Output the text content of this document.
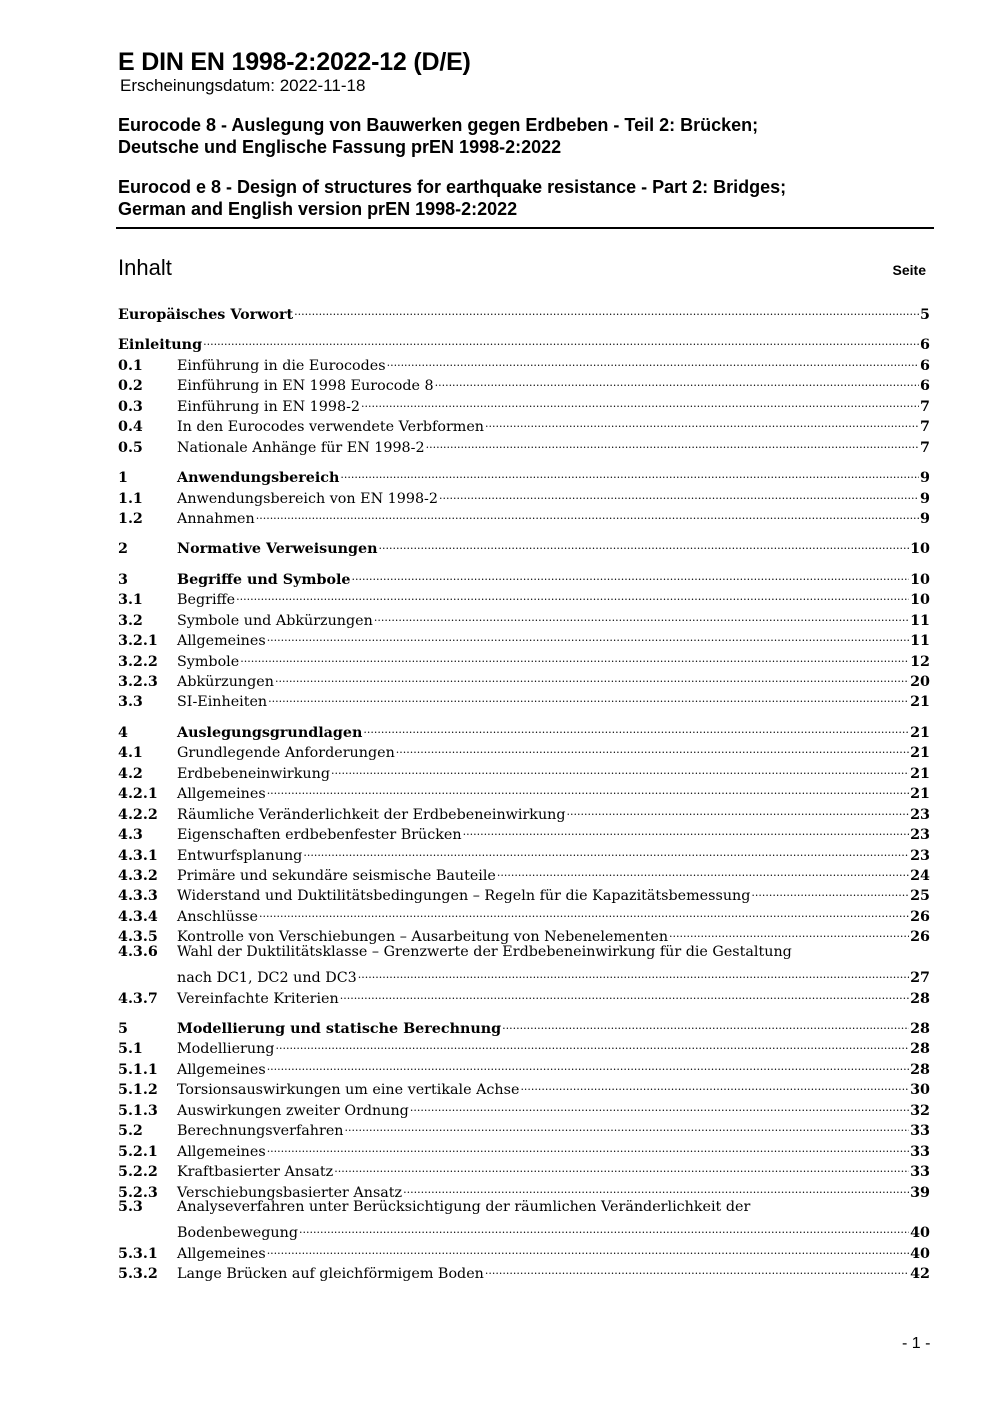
E DIN EN 1998-2:2022-12 (D/E)
Erscheinungsdatum: 2022-11-18
Eurocode 8 - Auslegung von Bauwerken gegen Erdbeben - Teil 2: Brücken;
Deutsche und Englische Fassung prEN 1998-2:2022
Eurocod e 8 - Design of structures for earthquake resistance - Part 2: Bridges;
German and English version prEN 1998-2:2022
Inhalt	Seite
Europäisches Vorwort .....	5
Einleitung .....	6
0.1	Einführung in die Eurocodes .....	6
0.2	Einführung in EN 1998 Eurocode 8 .....	6
0.3	Einführung in EN 1998-2 .....	7
0.4	In den Eurocodes verwendete Verbformen .....	7
0.5	Nationale Anhänge für EN 1998-2 .....	7
1	Anwendungsbereich .....	9
1.1	Anwendungsbereich von EN 1998-2 .....	9
1.2	Annahmen .....	9
2	Normative Verweisungen .....	10
3	Begriffe und Symbole .....	10
3.1	Begriffe .....	10
3.2	Symbole und Abkürzungen .....	11
3.2.1	Allgemeines .....	11
3.2.2	Symbole .....	12
3.2.3	Abkürzungen .....	20
3.3	SI-Einheiten .....	21
4	Auslegungsgrundlagen .....	21
4.1	Grundlegende Anforderungen .....	21
4.2	Erdbebeneinwirkung .....	21
4.2.1	Allgemeines .....	21
4.2.2	Räumliche Veränderlichkeit der Erdbebeneinwirkung .....	23
4.3	Eigenschaften erdbebenfester Brücken .....	23
4.3.1	Entwurfsplanung .....	23
4.3.2	Primäre und sekundäre seismische Bauteile .....	24
4.3.3	Widerstand und Duktilitätsbedingungen – Regeln für die Kapazitätsbemessung .....	25
4.3.4	Anschlüsse .....	26
4.3.5	Kontrolle von Verschiebungen – Ausarbeitung von Nebenelementen .....	26
4.3.6	Wahl der Duktilitätsklasse – Grenzwerte der Erdbebeneinwirkung für die Gestaltung
nach DC1, DC2 und DC3 .....	27
4.3.7	Vereinfachte Kriterien .....	28
5	Modellierung und statische Berechnung .....	28
5.1	Modellierung .....	28
5.1.1	Allgemeines .....	28
5.1.2	Torsionsauswirkungen um eine vertikale Achse .....	30
5.1.3	Auswirkungen zweiter Ordnung .....	32
5.2	Berechnungsverfahren .....	33
5.2.1	Allgemeines .....	33
5.2.2	Kraftbasierter Ansatz .....	33
5.2.3	Verschiebungsbasierter Ansatz .....	39
5.3	Analyseverfahren unter Berücksichtigung der räumlichen Veränderlichkeit der
Bodenbewegung .....	40
5.3.1	Allgemeines .....	40
5.3.2	Lange Brücken auf gleichförmigem Boden .....	42
- 1 -
